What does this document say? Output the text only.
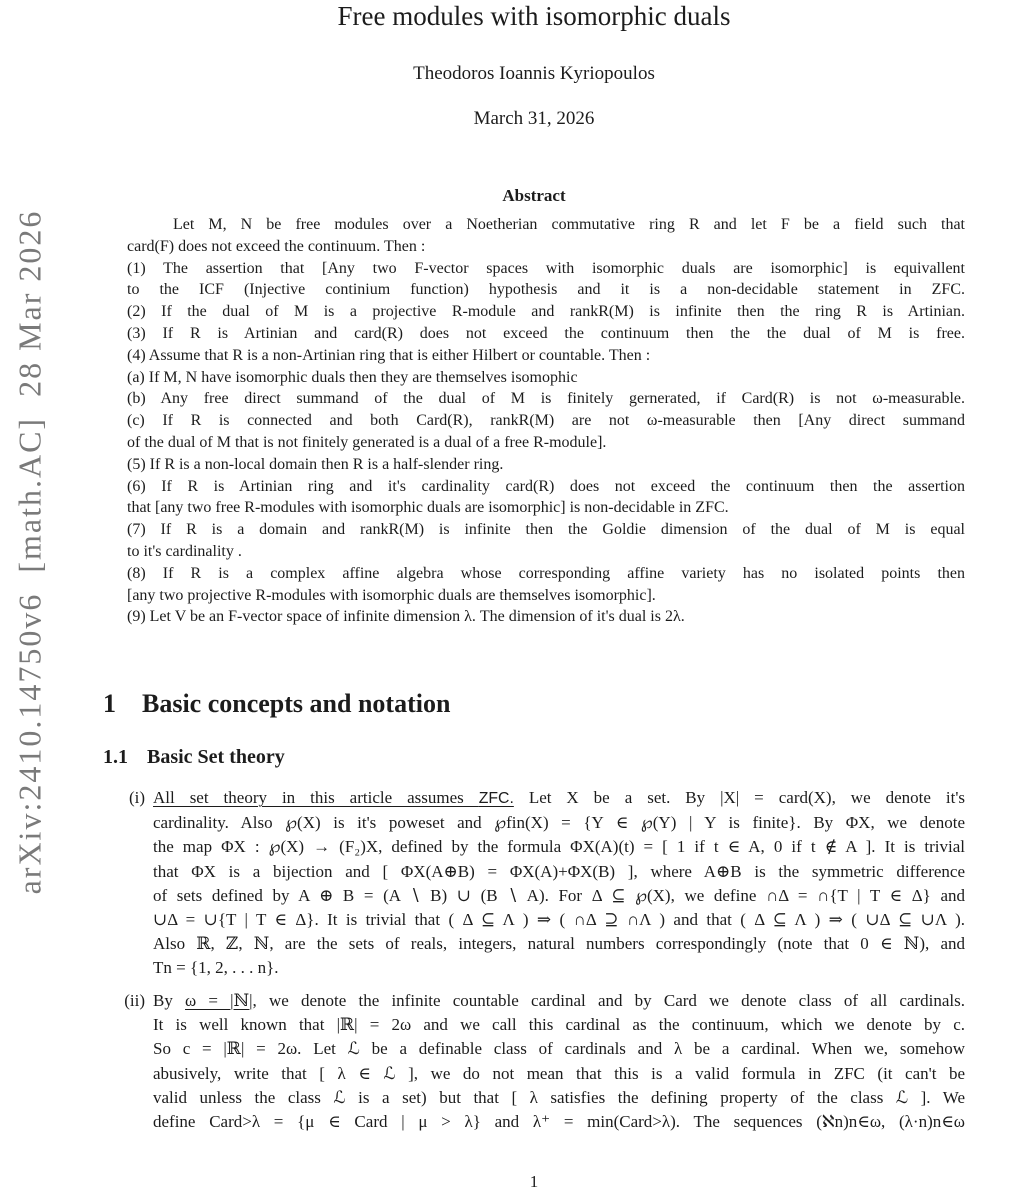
arXiv:2410.14750v6  [math.AC]  28 Mar 2026
Free modules with isomorphic duals
Theodoros Ioannis Kyriopoulos
March 31, 2026
Abstract
Let M, N be free modules over a Noetherian commutative ring R and let F be a field such that
card(F) does not exceed the continuum. Then :
(1) The assertion that [Any two F-vector spaces with isomorphic duals are isomorphic] is equivallent
to the ICF (Injective continium function) hypothesis and it is a non-decidable statement in ZFC.
(2) If the dual of M is a projective R-module and rankR(M) is infinite then the ring R is Artinian.
(3) If R is Artinian and card(R) does not exceed the continuum then the the dual of M is free.
(4) Assume that R is a non-Artinian ring that is either Hilbert or countable. Then :
(a) If M, N have isomorphic duals then they are themselves isomophic
(b) Any free direct summand of the dual of M is finitely gernerated, if Card(R) is not ω-measurable.
(c) If R is connected and both Card(R), rankR(M) are not ω-measurable then [Any direct summand
of the dual of M that is not finitely generated is a dual of a free R-module].
(5) If R is a non-local domain then R is a half-slender ring.
(6) If R is Artinian ring and it's cardinality card(R) does not exceed the continuum then the assertion
that [any two free R-modules with isomorphic duals are isomorphic] is non-decidable in ZFC.
(7) If R is a domain and rankR(M) is infinite then the Goldie dimension of the dual of M is equal
to it's cardinality .
(8) If R is a complex affine algebra whose corresponding affine variety has no isolated points then
[any two projective R-modules with isomorphic duals are themselves isomorphic].
(9) Let V be an F-vector space of infinite dimension λ. The dimension of it's dual is 2λ.
1 Basic concepts and notation
1.1 Basic Set theory
(i) All set theory in this article assumes ZFC. Let X be a set. By |X| = card(X), we denote it's
cardinality. Also ℘(X) is it's poweset and ℘fin(X) = {Y ∈ ℘(Y) | Y is finite}. By ΦX, we denote
the map ΦX : ℘(X) → (F₂)X, defined by the formula ΦX(A)(t) = [ 1 if t ∈ A, 0 if t ∉ A ]. It is trivial
that ΦX is a bijection and [ ΦX(A⊕B) = ΦX(A)+ΦX(B) ], where A⊕B is the symmetric difference
of sets defined by A ⊕ B = (A ∖ B) ∪ (B ∖ A). For Δ ⊆ ℘(X), we define ∩Δ = ∩{T | T ∈ Δ} and
∪Δ = ∪{T | T ∈ Δ}. It is trivial that ( Δ ⊆ Λ ) ⇒ ( ∩Δ ⊇ ∩Λ ) and that ( Δ ⊆ Λ ) ⇒ ( ∪Δ ⊆ ∪Λ ).
Also ℝ, ℤ, ℕ, are the sets of reals, integers, natural numbers correspondingly (note that 0 ∈ ℕ), and
Tn = {1, 2, . . . n}.
(ii) By ω = |ℕ|, we denote the infinite countable cardinal and by Card we denote class of all cardinals.
It is well known that |ℝ| = 2ω and we call this cardinal as the continuum, which we denote by c.
So c = |ℝ| = 2ω. Let ℒ be a definable class of cardinals and λ be a cardinal. When we, somehow
abusively, write that [ λ ∈ ℒ ], we do not mean that this is a valid formula in ZFC (it can't be
valid unless the class ℒ is a set) but that [ λ satisfies the defining property of the class ℒ ]. We
define Card>λ = {μ ∈ Card | μ > λ} and λ⁺ = min(Card>λ). The sequences (ℵn)n∈ω, (λ·n)n∈ω
1
